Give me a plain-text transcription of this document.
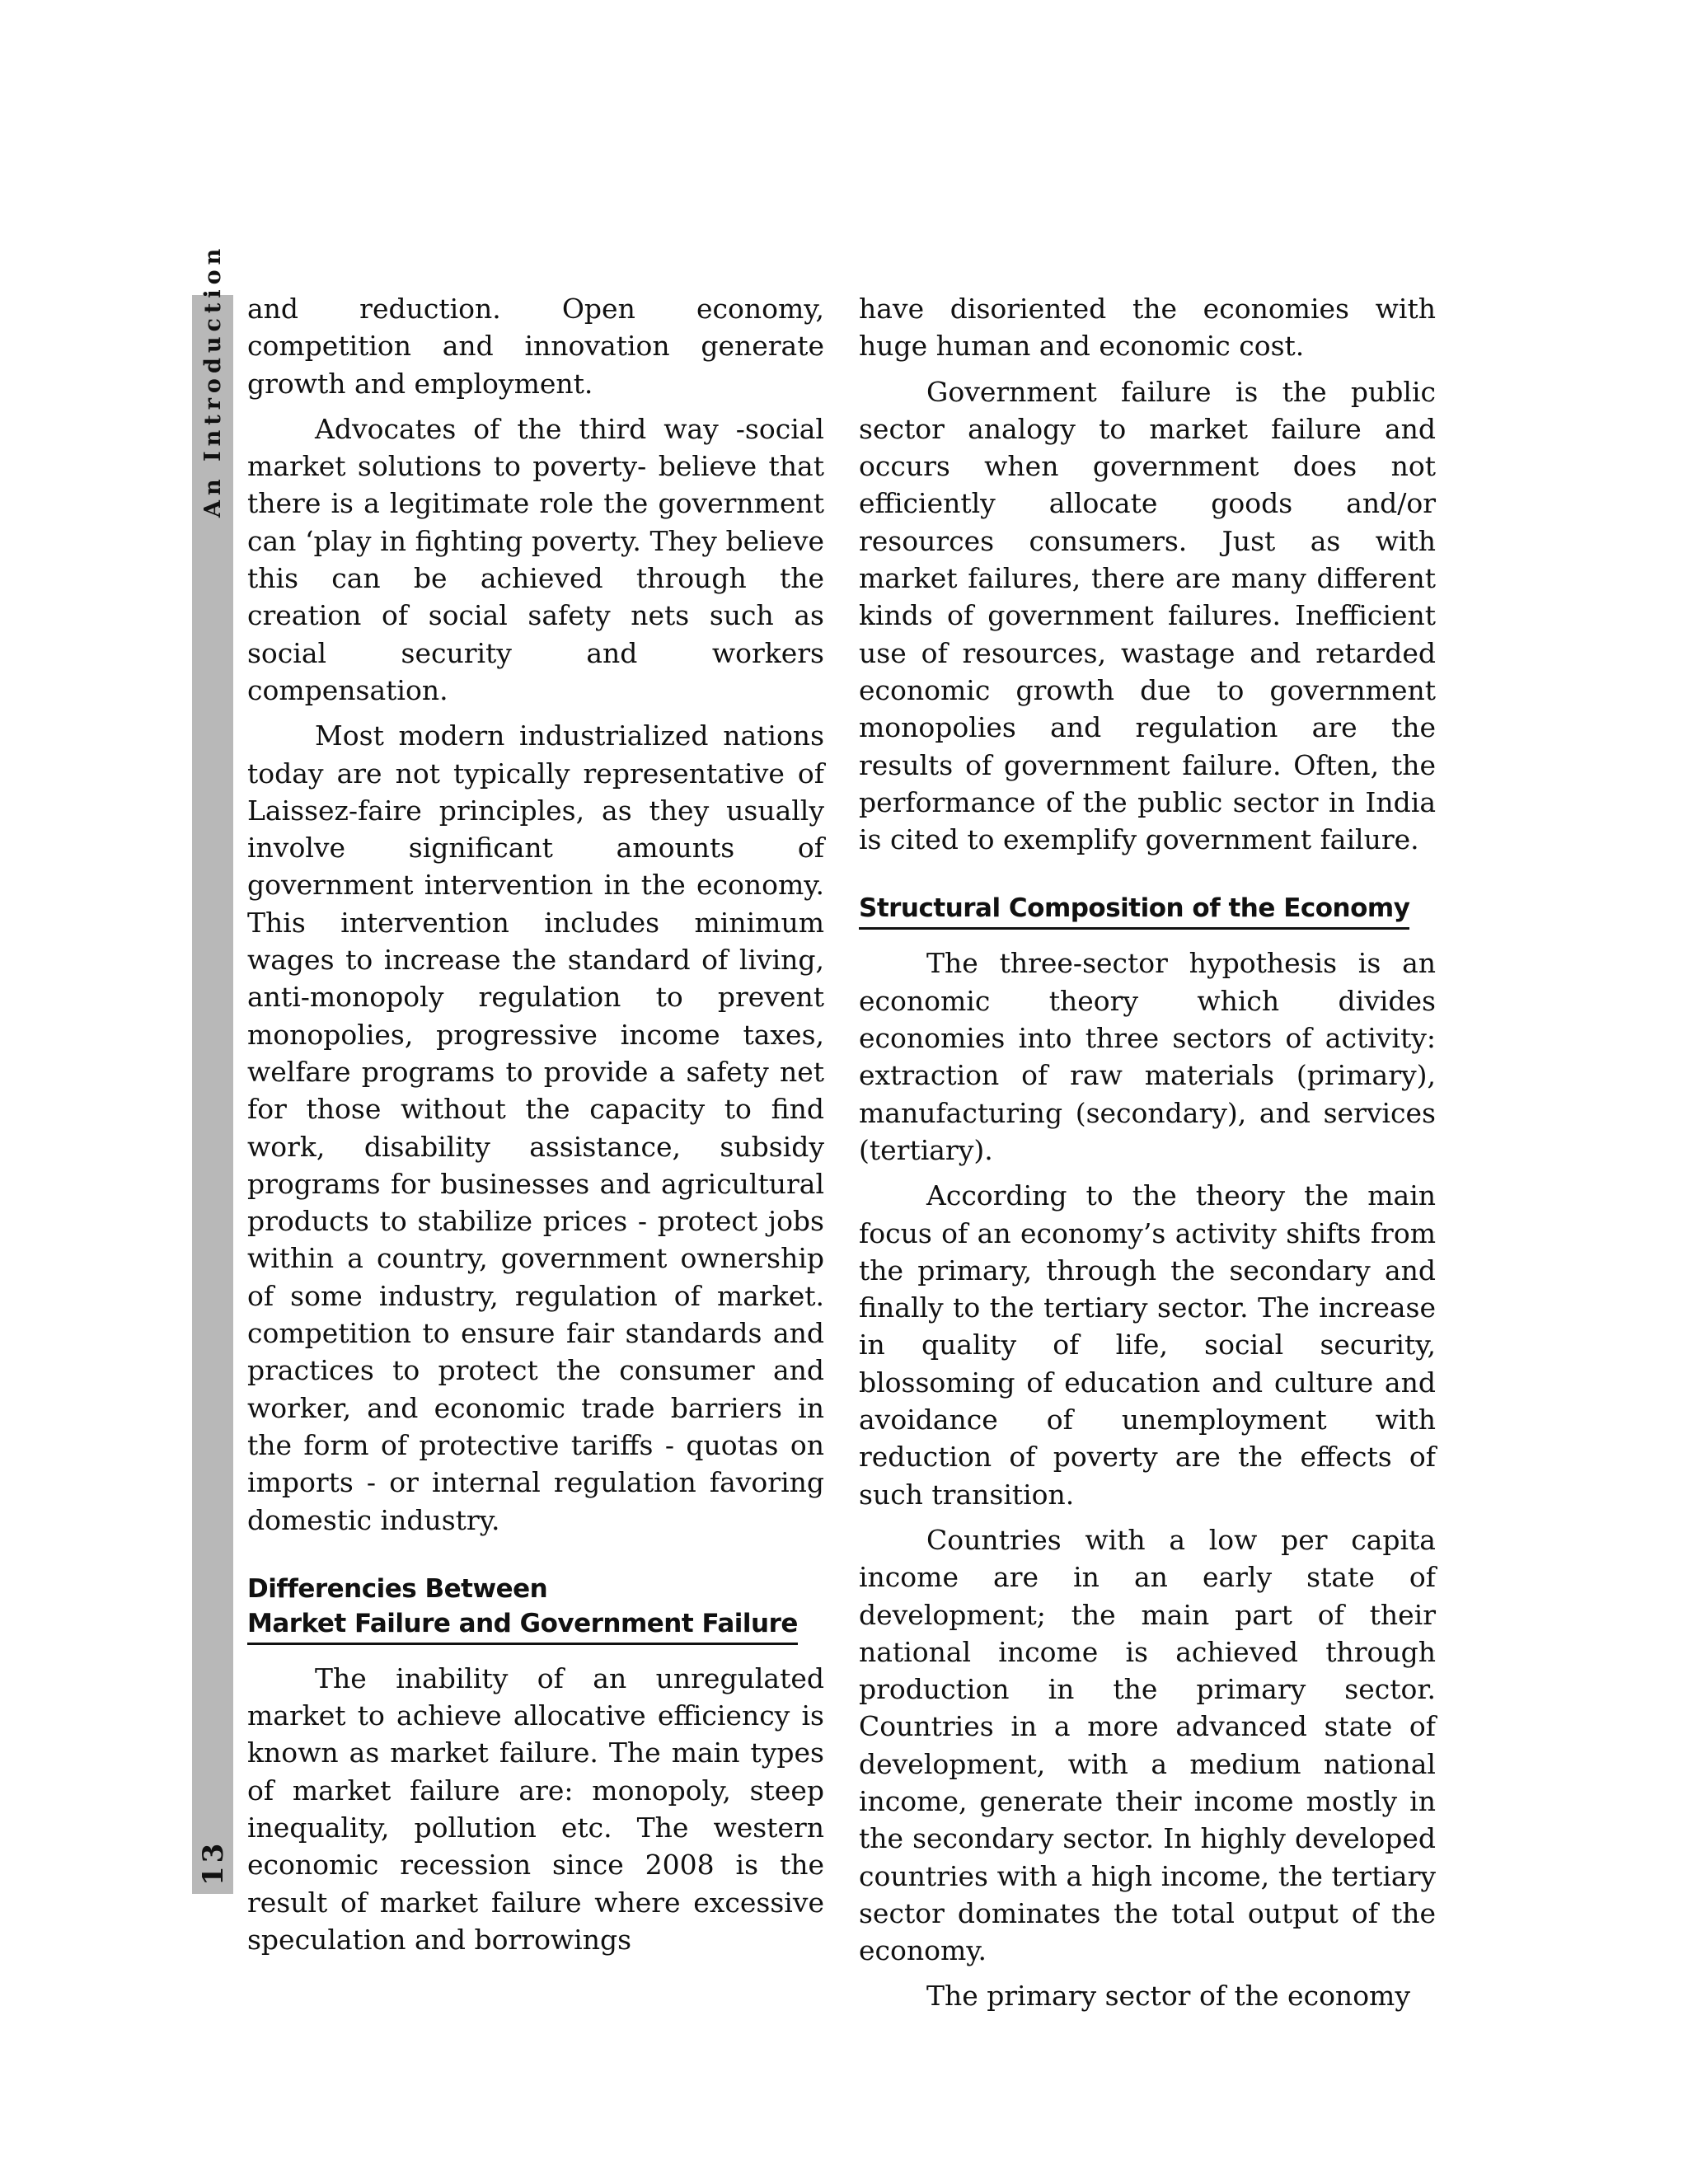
An Introduction
13

and reduction. Open economy, competition and innovation generate growth and employment.

Advocates of the third way -social market solutions to poverty- believe that there is a legitimate role the government can ‘play in fighting poverty. They believe this can be achieved through the creation of social safety nets such as social security and workers compensation.

Most modern industrialized nations today are not typically representative of Laissez-faire principles, as they usually involve significant amounts of government intervention in the economy. This intervention includes minimum wages to increase the standard of living, anti-monopoly regulation to prevent monopolies, progressive income taxes, welfare programs to provide a safety net for those without the capacity to find work, disability assistance, subsidy programs for businesses and agricultural products to stabilize prices - protect jobs within a country, government ownership of some industry, regulation of market. competition to ensure fair standards and practices to protect the consumer and worker, and economic trade barriers in the form of protective tariffs - quotas on imports - or internal regulation favoring domestic industry.

Differencies Between
Market Failure and Government Failure

The inability of an unregulated market to achieve allocative efficiency is known as market failure. The main types of market failure are: monopoly, steep inequality, pollution etc. The western economic recession since 2008 is the result of market failure where excessive speculation and borrowings

have disoriented the economies with huge human and economic cost.

Government failure is the public sector analogy to market failure and occurs when government does not efficiently allocate goods and/or resources consumers. Just as with market failures, there are many different kinds of government failures. Inefficient use of resources, wastage and retarded economic growth due to government monopolies and regulation are the results of government failure. Often, the performance of the public sector in India is cited to exemplify government failure.

Structural Composition of the Economy

The three-sector hypothesis is an economic theory which divides economies into three sectors of activity: extraction of raw materials (primary), manufacturing (secondary), and services (tertiary).

According to the theory the main focus of an economy’s activity shifts from the primary, through the secondary and finally to the tertiary sector. The increase in quality of life, social security, blossoming of education and culture and avoidance of unemployment with reduction of poverty are the effects of such transition.

Countries with a low per capita income are in an early state of development; the main part of their national income is achieved through production in the primary sector. Countries in a more advanced state of development, with a medium national income, generate their income mostly in the secondary sector. In highly developed countries with a high income, the tertiary sector dominates the total output of the economy.

The primary sector of the economy
